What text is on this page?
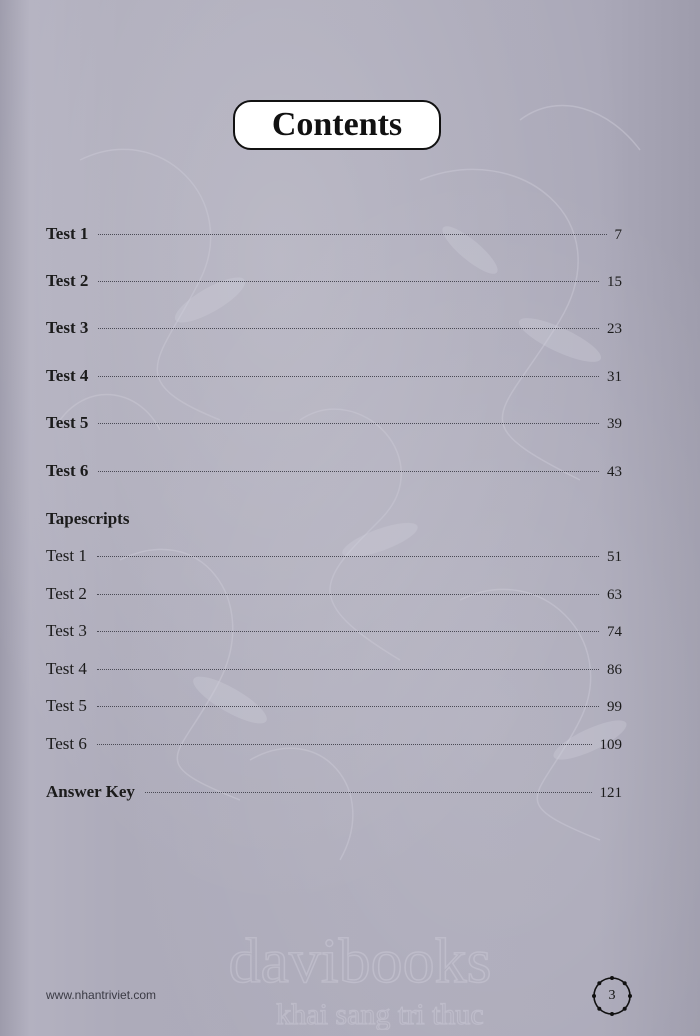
Contents
Test 1	7
Test 2	15
Test 3	23
Test 4	31
Test 5	39
Test 6	43
Tapescripts
Test 1	51
Test 2	63
Test 3	74
Test 4	86
Test 5	99
Test 6	109
Answer Key	121
davibooks
khai sang tri thuc
www.nhantriviet.com	3
